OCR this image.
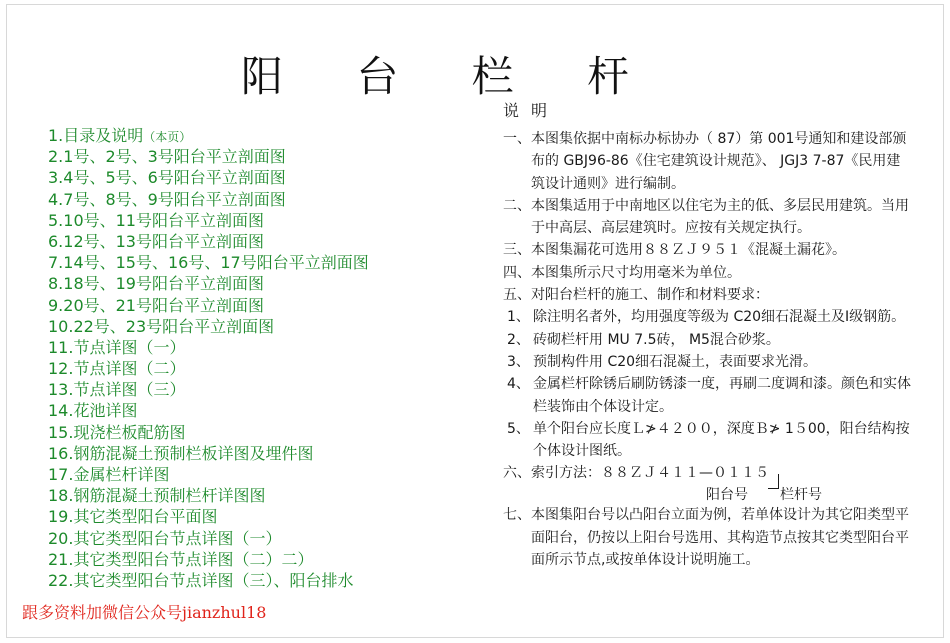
阳 台 栏 杆
1.目录及说明（本页）
2.1号、2号、3号阳台平立剖面图
3.4号、5号、6号阳台平立剖面图
4.7号、8号、9号阳台平立剖面图
5.10号、11号阳台平立剖面图
6.12号、13号阳台平立剖面图
7.14号、15号、16号、17号阳台平立剖面图
8.18号、19号阳台平立剖面图
9.20号、21号阳台平立剖面图
10.22号、23号阳台平立剖面图
11.节点详图（一）
12.节点详图（二）
13.节点详图（三）
14.花池详图
15.现浇栏板配筋图
16.钢筋混凝土预制栏板详图及埋件图
17.金属栏杆详图
18.钢筋混凝土预制栏杆详图图
19.其它类型阳台平面图
20.其它类型阳台节点详图（一）
21.其它类型阳台节点详图（二）二）
22.其它类型阳台节点详图（三）、阳台排水
跟多资料加微信公众号jianzhul18
说明
一、 本图集依据中南标办标协办（ 87）第 001号通知和建设部颁布的 GBJ96-86《住宅建筑设计规范》、 JGJ3 7-87《民用建筑设计通则》进行编制。
二、 本图集适用于中南地区以住宅为主的低、多层民用建筑。当用于中高层、高层建筑时。应按有关规定执行。
三、 本图集漏花可选用８８ＺＪ９５１《混凝土漏花》。
四、 本图集所示尺寸均用毫米为单位。
五、 对阳台栏杆的施工、制作和材料要求：
1、 除注明名者外，均用强度等级为 C20细石混凝土及Ⅰ级钢筋。
2、 砖砌栏杆用 MU 7.5砖， M5混合砂浆。
3、 预制构件用 C20细石混凝土，表面要求光滑。
4、 金属栏杆除锈后刷防锈漆一度，再刷二度调和漆。颜色和实体栏装饰由个体设计定。
5、 单个阳台应长度Ｌ≯４２００，深度Ｂ≯ 1５00，阳台结构按个体设计图纸。
六、 索引方法： ８８ＺＪ４１１—０１１５
阳台号 栏杆号
七、 本图集阳台号以凸阳台立面为例，若单体设计为其它阳类型平面阳台，仍按以上阳台号选用、其构造节点按其它类型阳台平面所示节点,或按单体设计说明施工。
